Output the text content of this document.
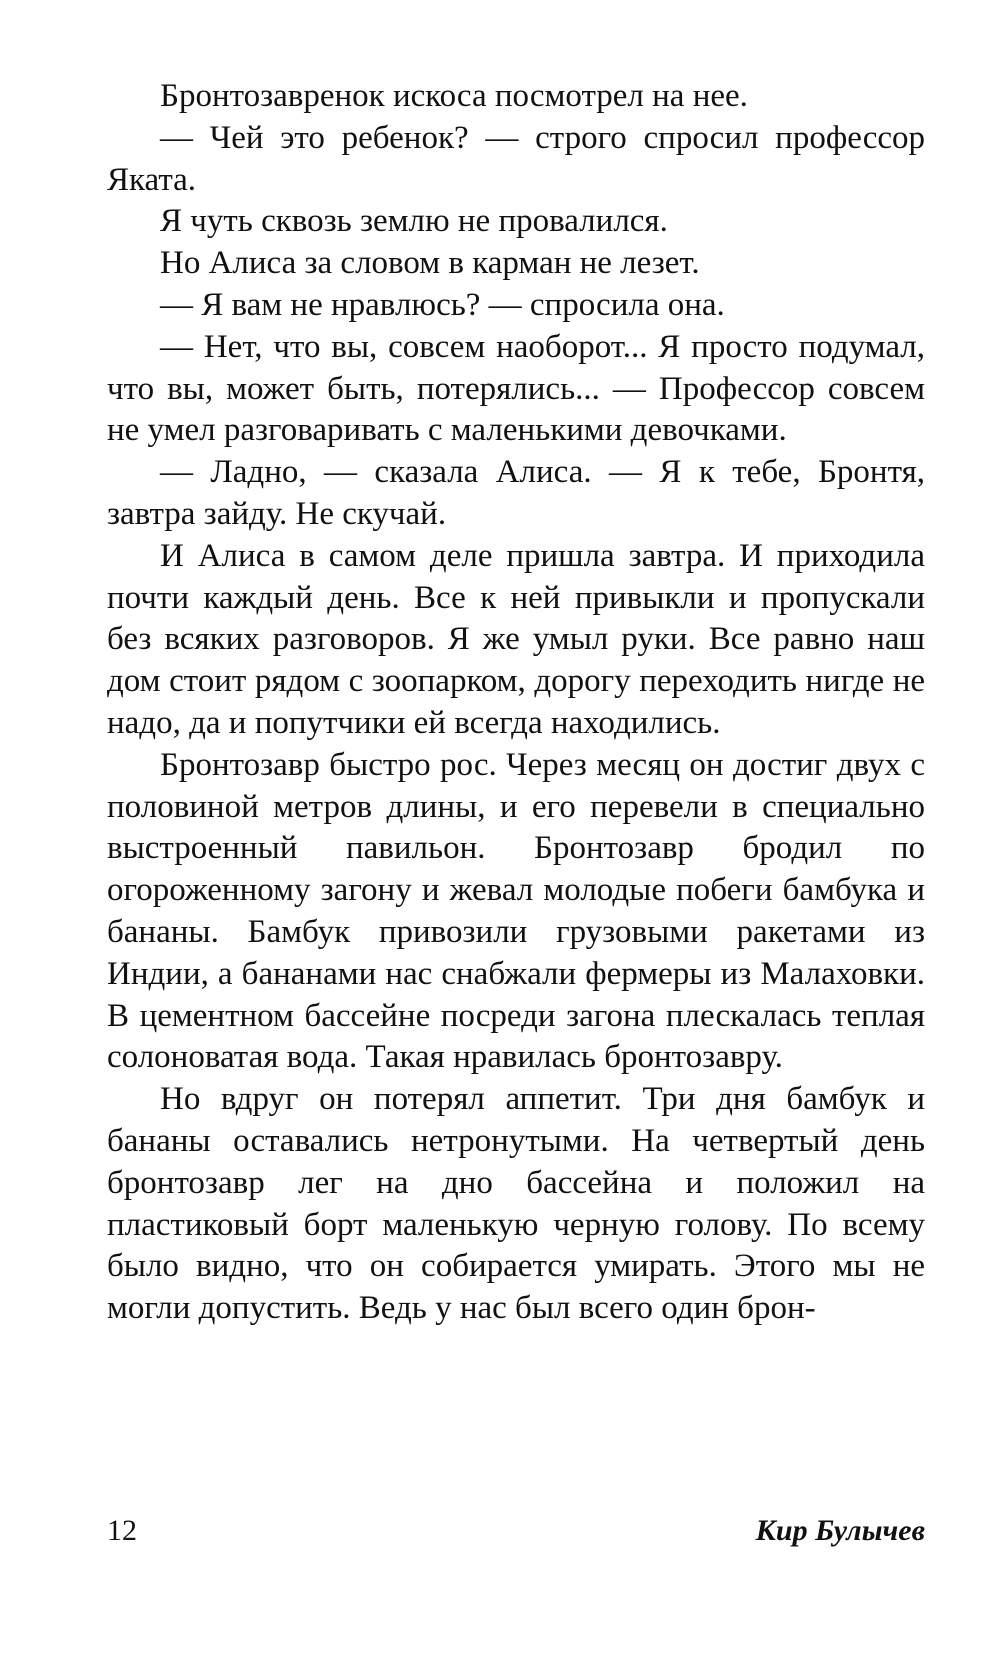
Бронтозавренок искоса посмотрел на нее.

— Чей это ребенок? — строго спросил профессор Яката.

Я чуть сквозь землю не провалился.

Но Алиса за словом в карман не лезет.

— Я вам не нравлюсь? — спросила она.

— Нет, что вы, совсем наоборот... Я просто подумал, что вы, может быть, потерялись... — Профессор совсем не умел разговаривать с маленькими девочками.

— Ладно, — сказала Алиса. — Я к тебе, Бронтя, завтра зайду. Не скучай.

И Алиса в самом деле пришла завтра. И приходила почти каждый день. Все к ней привыкли и пропускали без всяких разговоров. Я же умыл руки. Все равно наш дом стоит рядом с зоопарком, дорогу переходить нигде не надо, да и попутчики ей всегда находились.

Бронтозавр быстро рос. Через месяц он достиг двух с половиной метров длины, и его перевели в специально выстроенный павильон. Бронтозавр бродил по огороженному загону и жевал молодые побеги бамбука и бананы. Бамбук привозили грузовыми ракетами из Индии, а бананами нас снабжали фермеры из Малаховки. В цементном бассейне посреди загона плескалась теплая солоноватая вода. Такая нравилась бронтозавру.

Но вдруг он потерял аппетит. Три дня бамбук и бананы оставались нетронутыми. На четвертый день бронтозавр лег на дно бассейна и положил на пластиковый борт маленькую черную голову. По всему было видно, что он собирается умирать. Этого мы не могли допустить. Ведь у нас был всего один брон-

12	Кир Булычев
